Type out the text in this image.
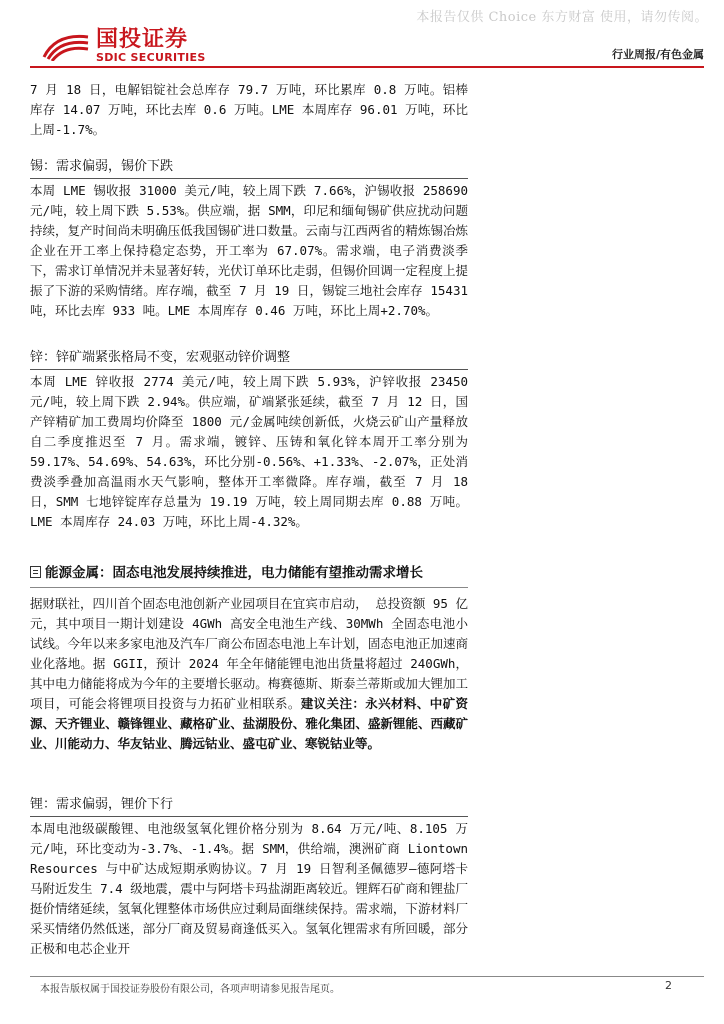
本报告仅供 Choice 东方财富 使用，请勿传阅。
国投证券
SDIC SECURITIES	行业周报/有色金属

7 月 18 日，电解铝锭社会总库存 79.7 万吨，环比累库 0.8 万吨。铝棒库存 14.07 万吨，环比去库 0.6 万吨。LME 本周库存 96.01 万吨，环比上周-1.7%。

锡：需求偏弱，锡价下跌

本周 LME 锡收报 31000 美元/吨，较上周下跌 7.66%，沪锡收报 258690 元/吨，较上周下跌 5.53%。供应端，据 SMM，印尼和缅甸锡矿供应扰动问题持续，复产时间尚未明确压低我国锡矿进口数量。云南与江西两省的精炼锡冶炼企业在开工率上保持稳定态势，开工率为 67.07%。需求端，电子消费淡季下，需求订单情况并未显著好转，光伏订单环比走弱，但锡价回调一定程度上提振了下游的采购情绪。库存端，截至 7 月 19 日，锡锭三地社会库存 15431 吨，环比去库 933 吨。LME 本周库存 0.46 万吨，环比上周+2.70%。

锌：锌矿端紧张格局不变，宏观驱动锌价调整

本周 LME 锌收报 2774 美元/吨，较上周下跌 5.93%，沪锌收报 23450 元/吨，较上周下跌 2.94%。供应端，矿端紧张延续，截至 7 月 12 日，国产锌精矿加工费周均价降至 1800 元/金属吨续创新低，火烧云矿山产量释放自二季度推迟至 7 月。需求端，镀锌、压铸和氧化锌本周开工率分别为 59.17%、54.69%、54.63%，环比分别-0.56%、+1.33%、-2.07%，正处消费淡季叠加高温雨水天气影响，整体开工率微降。库存端，截至 7 月 18 日，SMM 七地锌锭库存总量为 19.19 万吨，较上周同期去库 0.88 万吨。LME 本周库存 24.03 万吨，环比上周-4.32%。

能源金属：固态电池发展持续推进，电力储能有望推动需求增长

据财联社，四川首个固态电池创新产业园项目在宜宾市启动， 总投资额 95 亿元，其中项目一期计划建设 4GWh 高安全电池生产线、30MWh 全固态电池小试线。今年以来多家电池及汽车厂商公布固态电池上车计划，固态电池正加速商业化落地。据 GGII，预计 2024 年全年储能锂电池出货量将超过 240GWh，其中电力储能将成为今年的主要增长驱动。梅赛德斯、斯泰兰蒂斯或加大锂加工项目，可能会将锂项目投资与力拓矿业相联系。建议关注：永兴材料、中矿资源、天齐锂业、赣锋锂业、藏格矿业、盐湖股份、雅化集团、盛新锂能、西藏矿业、川能动力、华友钴业、腾远钴业、盛屯矿业、寒锐钴业等。

锂：需求偏弱，锂价下行

本周电池级碳酸锂、电池级氢氧化锂价格分别为 8.64 万元/吨、8.105 万元/吨，环比变动为-3.7%、-1.4%。据 SMM，供给端，澳洲矿商 Liontown Resources 与中矿达成短期承购协议。7 月 19 日智利圣佩德罗—德阿塔卡马附近发生 7.4 级地震，震中与阿塔卡玛盐湖距离较近。锂辉石矿商和锂盐厂挺价情绪延续，氢氧化锂整体市场供应过剩局面继续保持。需求端，下游材料厂采买情绪仍然低迷，部分厂商及贸易商逢低买入。氢氧化锂需求有所回暖，部分正极和电芯企业开

本报告版权属于国投证券股份有限公司，各项声明请参见报告尾页。	2
